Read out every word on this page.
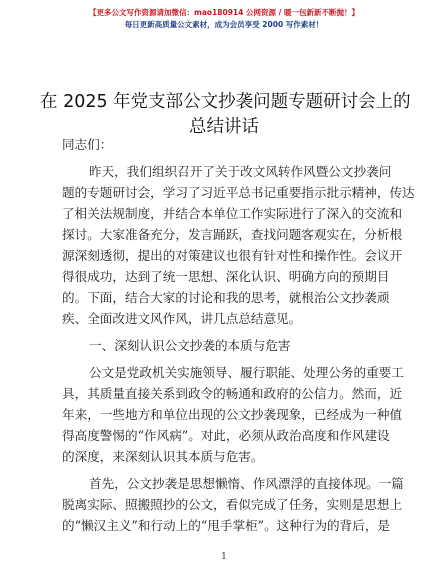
【更多公文写作资源请加微信：mao180914 公网资源 / 暖一包新新不断抛！】
每日更新高质量公文素材，成为会员享受 2000 写作素材！
在 2025 年党支部公文抄袭问题专题研讨会上的
总结讲话
同志们：
昨天，我们组织召开了关于改文风转作风暨公文抄袭问
题的专题研讨会，学习了习近平总书记重要指示批示精神，传达
了相关法规制度，并结合本单位工作实际进行了深入的交流和
探讨。大家准备充分，发言踊跃，查找问题客观实在，分析根
源深刻透彻，提出的对策建议也很有针对性和操作性。会议开
得很成功，达到了统一思想、深化认识、明确方向的预期目
的。下面，结合大家的讨论和我的思考，就根治公文抄袭顽
疾、全面改进文风作风，讲几点总结意见。
一、深刻认识公文抄袭的本质与危害
公文是党政机关实施领导、履行职能、处理公务的重要工
具，其质量直接关系到政令的畅通和政府的公信力。然而，近
年来，一些地方和单位出现的公文抄袭现象，已经成为一种值
得高度警惕的“作风病”。对此，必须从政治高度和作风建设
的深度，来深刻认识其本质与危害。
首先，公文抄袭是思想懒惰、作风漂浮的直接体现。一篇
脱离实际、照搬照抄的公文，看似完成了任务，实则是思想上
的“懒汉主义”和行动上的“甩手掌柜”。这种行为的背后，是
1
